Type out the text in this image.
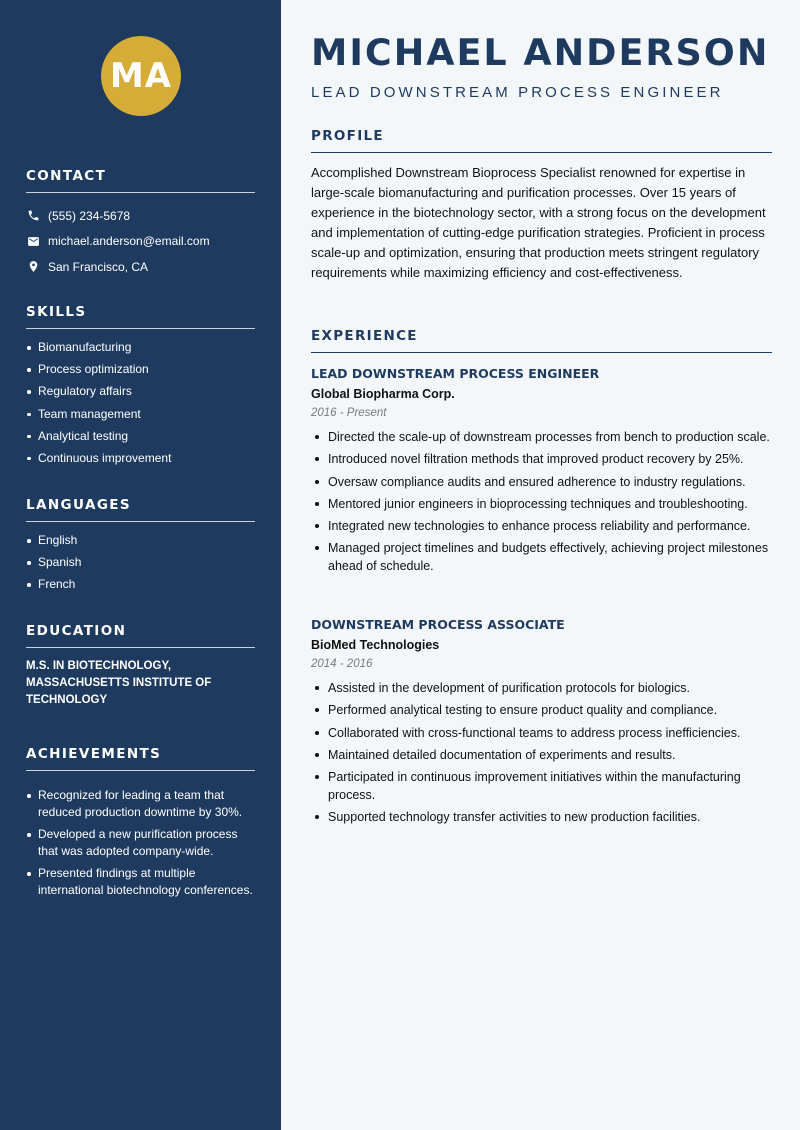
MA
CONTACT
(555) 234-5678
michael.anderson@email.com
San Francisco, CA
SKILLS
Biomanufacturing
Process optimization
Regulatory affairs
Team management
Analytical testing
Continuous improvement
LANGUAGES
English
Spanish
French
EDUCATION
M.S. IN BIOTECHNOLOGY, MASSACHUSETTS INSTITUTE OF TECHNOLOGY
ACHIEVEMENTS
Recognized for leading a team that reduced production downtime by 30%.
Developed a new purification process that was adopted company-wide.
Presented findings at multiple international biotechnology conferences.
MICHAEL ANDERSON
LEAD DOWNSTREAM PROCESS ENGINEER
PROFILE

Accomplished Downstream Bioprocess Specialist renowned for expertise in large-scale biomanufacturing and purification processes. Over 15 years of experience in the biotechnology sector, with a strong focus on the development and implementation of cutting-edge purification strategies. Proficient in process scale-up and optimization, ensuring that production meets stringent regulatory requirements while maximizing efficiency and cost-effectiveness.

EXPERIENCE
LEAD DOWNSTREAM PROCESS ENGINEER
Global Biopharma Corp.
2016 - Present
Directed the scale-up of downstream processes from bench to production scale.
Introduced novel filtration methods that improved product recovery by 25%.
Oversaw compliance audits and ensured adherence to industry regulations.
Mentored junior engineers in bioprocessing techniques and troubleshooting.
Integrated new technologies to enhance process reliability and performance.
Managed project timelines and budgets effectively, achieving project milestones ahead of schedule.
DOWNSTREAM PROCESS ASSOCIATE
BioMed Technologies
2014 - 2016
Assisted in the development of purification protocols for biologics.
Performed analytical testing to ensure product quality and compliance.
Collaborated with cross-functional teams to address process inefficiencies.
Maintained detailed documentation of experiments and results.
Participated in continuous improvement initiatives within the manufacturing process.
Supported technology transfer activities to new production facilities.
